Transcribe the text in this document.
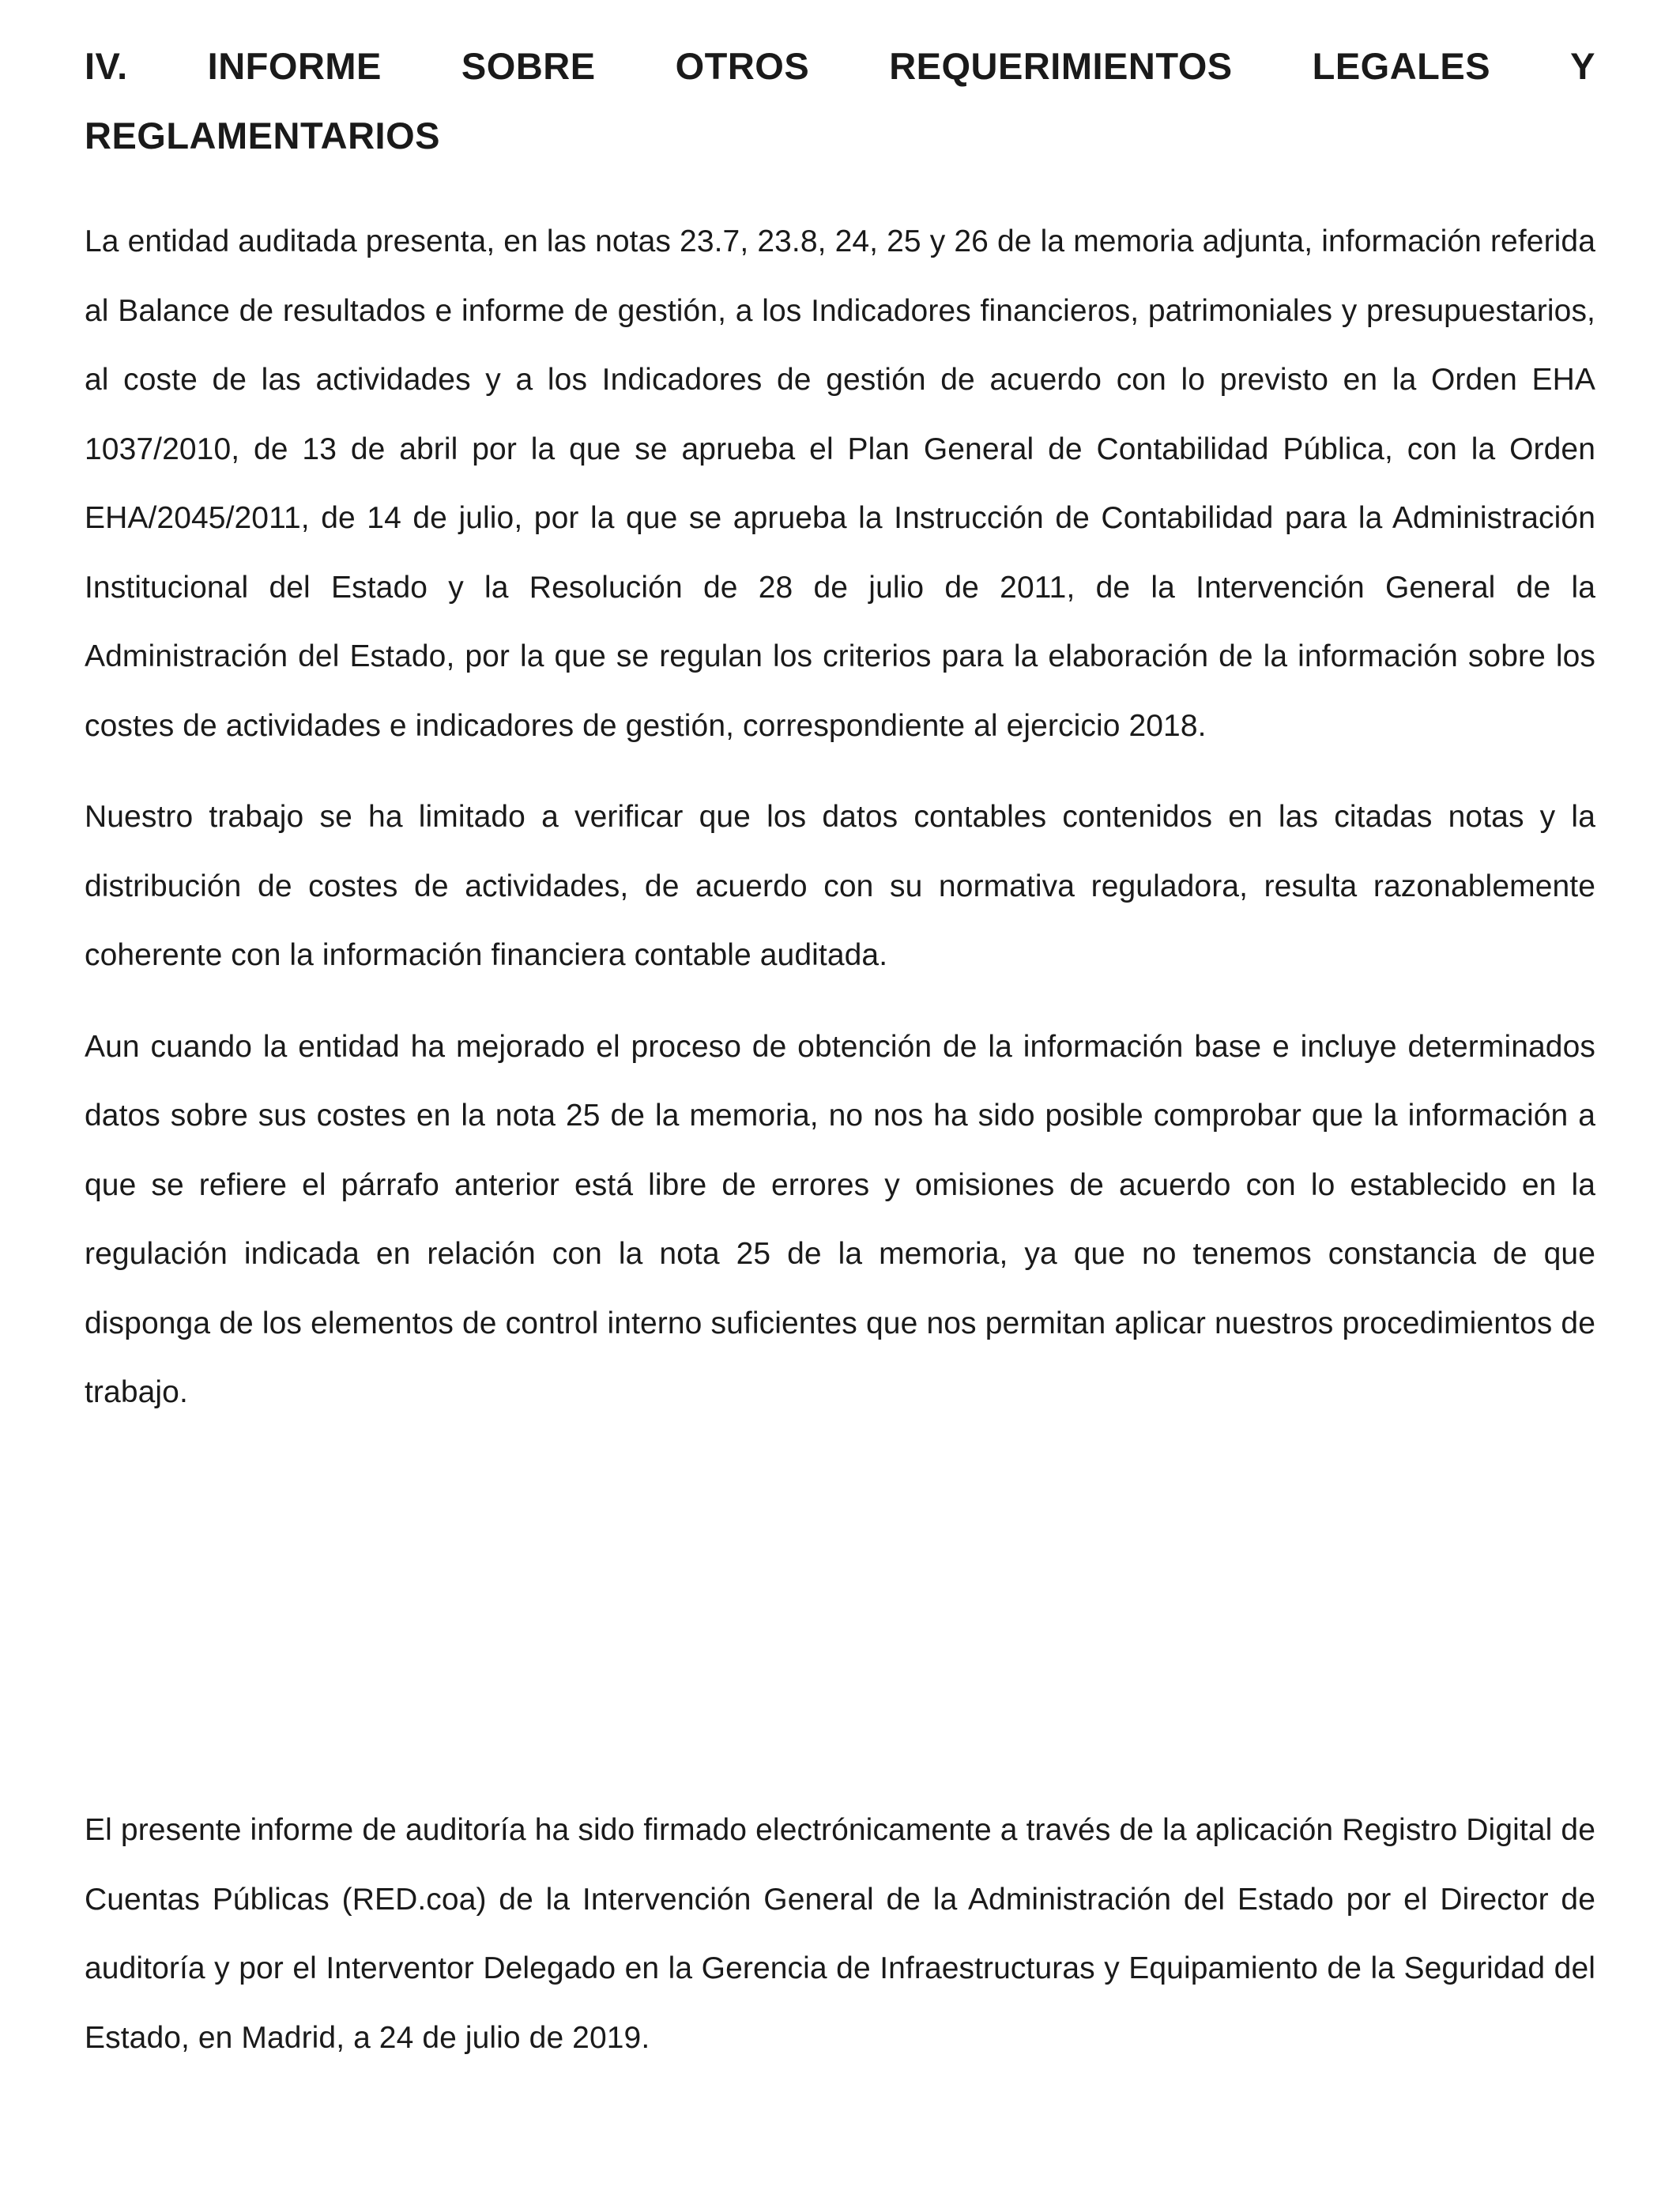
IV. INFORME SOBRE OTROS REQUERIMIENTOS LEGALES Y
REGLAMENTARIOS

La entidad auditada presenta, en las notas 23.7, 23.8, 24, 25 y 26 de la memoria adjunta, información referida al Balance de resultados e informe de gestión, a los Indicadores financieros, patrimoniales y presupuestarios, al coste de las actividades y a los Indicadores de gestión de acuerdo con lo previsto en la Orden EHA 1037/2010, de 13 de abril por la que se aprueba el Plan General de Contabilidad Pública, con la Orden EHA/2045/2011, de 14 de julio, por la que se aprueba la Instrucción de Contabilidad para la Administración Institucional del Estado y la Resolución de 28 de julio de 2011, de la Intervención General de la Administración del Estado, por la que se regulan los criterios para la elaboración de la información sobre los costes de actividades e indicadores de gestión, correspondiente al ejercicio 2018.

Nuestro trabajo se ha limitado a verificar que los datos contables contenidos en las citadas notas y la distribución de costes de actividades, de acuerdo con su normativa reguladora, resulta razonablemente coherente con la información financiera contable auditada.

Aun cuando la entidad ha mejorado el proceso de obtención de la información base e incluye determinados datos sobre sus costes en la nota 25 de la memoria, no nos ha sido posible comprobar que la información a que se refiere el párrafo anterior está libre de errores y omisiones de acuerdo con lo establecido en la regulación indicada en relación con la nota 25 de la memoria, ya que no tenemos constancia de que disponga de los elementos de control interno suficientes que nos permitan aplicar nuestros procedimientos de trabajo.

El presente informe de auditoría ha sido firmado electrónicamente a través de la aplicación Registro Digital de Cuentas Públicas (RED.coa) de la Intervención General de la Administración del Estado por el Director de auditoría y por el Interventor Delegado en la Gerencia de Infraestructuras y Equipamiento de la Seguridad del Estado, en Madrid, a 24 de julio de 2019.
